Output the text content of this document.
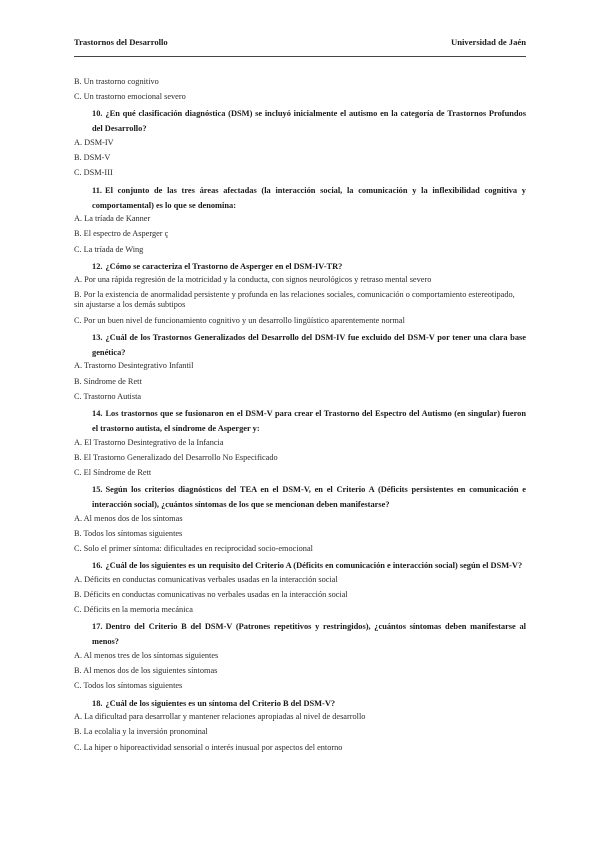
Trastornos del Desarrollo	Universidad de Jaén

B. Un trastorno cognitivo

C. Un trastorno emocional severo

10. ¿En qué clasificación diagnóstica (DSM) se incluyó inicialmente el autismo en la categoría de Trastornos Profundos del Desarrollo?

A. DSM-IV

B. DSM-V

C. DSM-III

11. El conjunto de las tres áreas afectadas (la interacción social, la comunicación y la inflexibilidad cognitiva y comportamental) es lo que se denomina:

A. La tríada de Kanner

B. El espectro de Asperger ç

C. La tríada de Wing

12. ¿Cómo se caracteriza el Trastorno de Asperger en el DSM-IV-TR?

A. Por una rápida regresión de la motricidad y la conducta, con signos neurológicos y retraso mental severo

B. Por la existencia de anormalidad persistente y profunda en las relaciones sociales, comunicación o comportamiento estereotipado, sin ajustarse a los demás subtipos

C. Por un buen nivel de funcionamiento cognitivo y un desarrollo lingüístico aparentemente normal

13. ¿Cuál de los Trastornos Generalizados del Desarrollo del DSM-IV fue excluido del DSM-V por tener una clara base genética?

A. Trastorno Desintegrativo Infantil

B. Síndrome de Rett

C. Trastorno Autista

14. Los trastornos que se fusionaron en el DSM-V para crear el Trastorno del Espectro del Autismo (en singular) fueron el trastorno autista, el síndrome de Asperger y:

A. El Trastorno Desintegrativo de la Infancia

B. El Trastorno Generalizado del Desarrollo No Especificado

C. El Síndrome de Rett

15. Según los criterios diagnósticos del TEA en el DSM-V, en el Criterio A (Déficits persistentes en comunicación e interacción social), ¿cuántos síntomas de los que se mencionan deben manifestarse?

A. Al menos dos de los síntomas

B. Todos los síntomas siguientes

C. Solo el primer síntoma: dificultades en reciprocidad socio-emocional

16. ¿Cuál de los siguientes es un requisito del Criterio A (Déficits en comunicación e interacción social) según el DSM-V?

A. Déficits en conductas comunicativas verbales usadas en la interacción social

B. Déficits en conductas comunicativas no verbales usadas en la interacción social

C. Déficits en la memoria mecánica

17. Dentro del Criterio B del DSM-V (Patrones repetitivos y restringidos), ¿cuántos síntomas deben manifestarse al menos?

A. Al menos tres de los síntomas siguientes

B. Al menos dos de los siguientes síntomas

C. Todos los síntomas siguientes

18. ¿Cuál de los siguientes es un síntoma del Criterio B del DSM-V?

A. La dificultad para desarrollar y mantener relaciones apropiadas al nivel de desarrollo

B. La ecolalia y la inversión pronominal

C. La hiper o hiporeactividad sensorial o interés inusual por aspectos del entorno
